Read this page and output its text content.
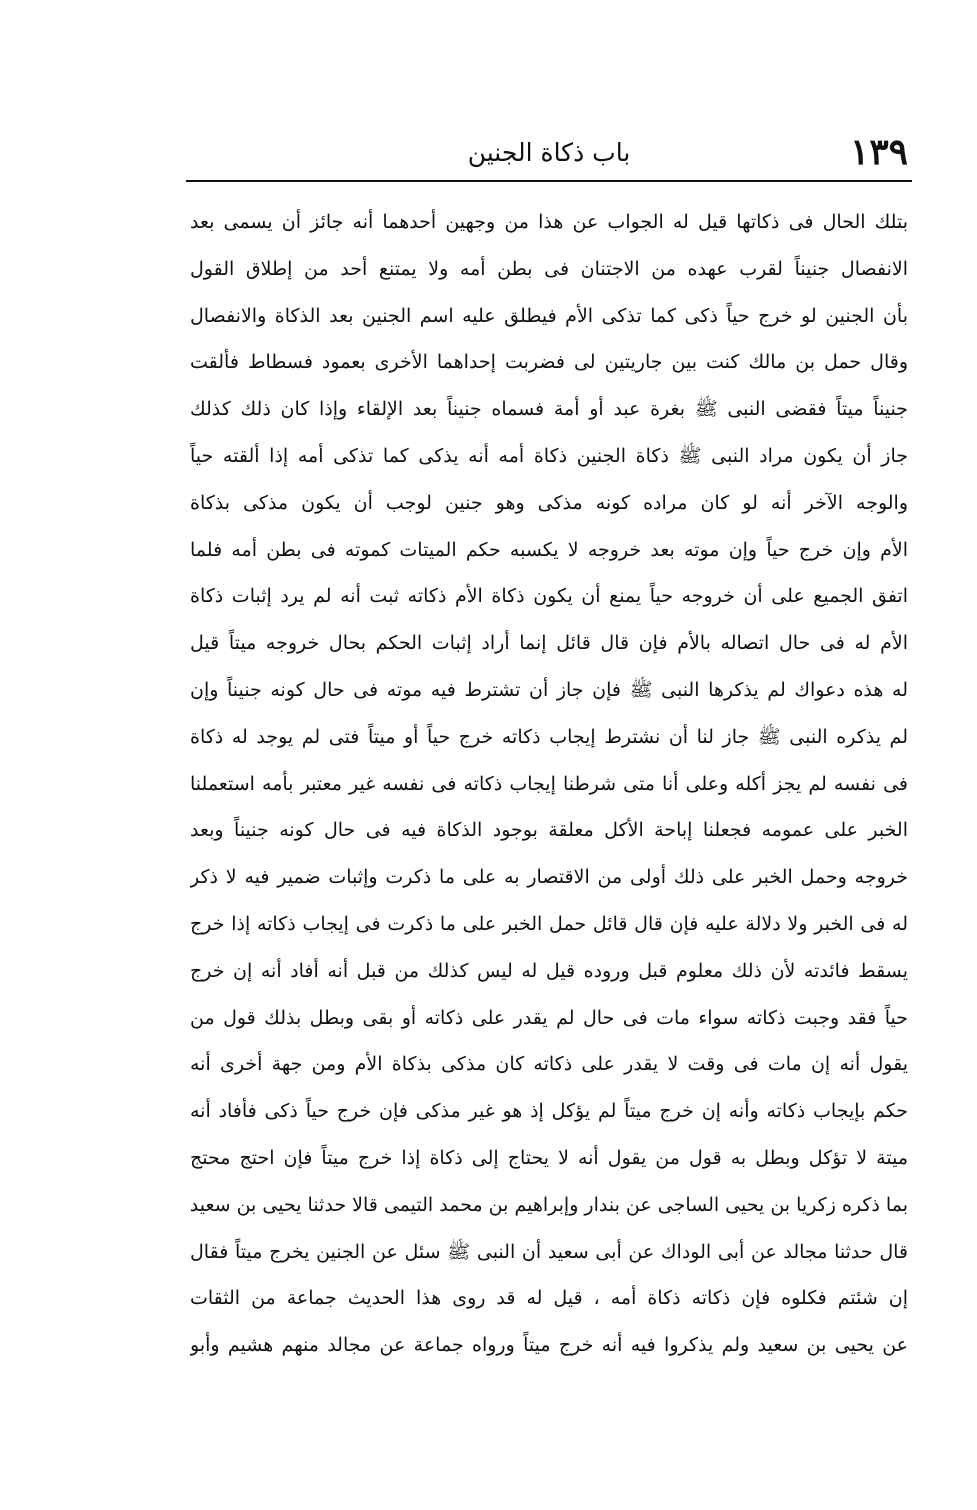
١٣٩
باب ذكاة الجنين
بتلك الحال فى ذكاتها قيل له الجواب عن هذا من وجهين أحدهما أنه جائز أن يسمى بعد
الانفصال جنيناً لقرب عهده من الاجتنان فى بطن أمه ولا يمتنع أحد من إطلاق القول
بأن الجنين لو خرج حياً ذكى كما تذكى الأم فيطلق عليه اسم الجنين بعد الذكاة والانفصال
وقال حمل بن مالك كنت بين جاريتين لى فضربت إحداهما الأخرى بعمود فسطاط فألقت
جنيناً ميتاً فقضى النبى ﷺ بغرة عبد أو أمة فسماه جنيناً بعد الإلقاء وإذا كان ذلك كذلك
جاز أن يكون مراد النبى ﷺ ذكاة الجنين ذكاة أمه أنه يذكى كما تذكى أمه إذا ألقته حياً
والوجه الآخر أنه لو كان مراده كونه مذكى وهو جنين لوجب أن يكون مذكى بذكاة
الأم وإن خرج حياً وإن موته بعد خروجه لا يكسبه حكم الميتات كموته فى بطن أمه فلما
اتفق الجميع على أن خروجه حياً يمنع أن يكون ذكاة الأم ذكاته ثبت أنه لم يرد إثبات ذكاة
الأم له فى حال اتصاله بالأم فإن قال قائل إنما أراد إثبات الحكم بحال خروجه ميتاً قيل
له هذه دعواك لم يذكرها النبى ﷺ فإن جاز أن تشترط فيه موته فى حال كونه جنيناً وإن
لم يذكره النبى ﷺ جاز لنا أن نشترط إيجاب ذكاته خرج حياً أو ميتاً فتى لم يوجد له ذكاة
فى نفسه لم يجز أكله وعلى أنا متى شرطنا إيجاب ذكاته فى نفسه غير معتبر بأمه استعملنا
الخبر على عمومه فجعلنا إباحة الأكل معلقة بوجود الذكاة فيه فى حال كونه جنيناً وبعد
خروجه وحمل الخبر على ذلك أولى من الاقتصار به على ما ذكرت وإثبات ضمير فيه لا ذكر
له فى الخبر ولا دلالة عليه فإن قال قائل حمل الخبر على ما ذكرت فى إيجاب ذكاته إذا خرج
يسقط فائدته لأن ذلك معلوم قبل وروده قيل له ليس كذلك من قبل أنه أفاد أنه إن خرج
حياً فقد وجبت ذكاته سواء مات فى حال لم يقدر على ذكاته أو بقى وبطل بذلك قول من
يقول أنه إن مات فى وقت لا يقدر على ذكاته كان مذكى بذكاة الأم ومن جهة أخرى أنه
حكم بإيجاب ذكاته وأنه إن خرج ميتاً لم يؤكل إذ هو غير مذكى فإن خرج حياً ذكى فأفاد أنه
ميتة لا تؤكل وبطل به قول من يقول أنه لا يحتاج إلى ذكاة إذا خرج ميتاً فإن احتج محتج
بما ذكره زكريا بن يحيى الساجى عن بندار وإبراهيم بن محمد التيمى قالا حدثنا يحيى بن سعيد
قال حدثنا مجالد عن أبى الوداك عن أبى سعيد أن النبى ﷺ سئل عن الجنين يخرج ميتاً فقال
إن شئتم فكلوه فإن ذكاته ذكاة أمه ، قيل له قد روى هذا الحديث جماعة من الثقات
عن يحيى بن سعيد ولم يذكروا فيه أنه خرج ميتاً ورواه جماعة عن مجالد منهم هشيم وأبو
